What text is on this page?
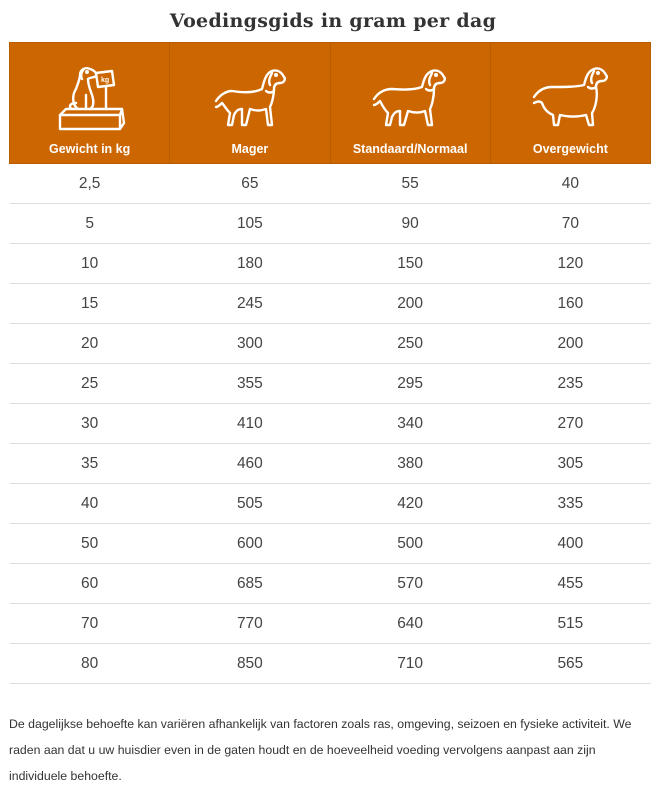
Voedingsgids in gram per dag
kg
Gewicht in kg	Mager	Standaard/Normaal	Overgewicht

2,5	65	55	40
5	105	90	70
10	180	150	120
15	245	200	160
20	300	250	200
25	355	295	235
30	410	340	270
35	460	380	305
40	505	420	335
50	600	500	400
60	685	570	455
70	770	640	515
80	850	710	565
De dagelijkse behoefte kan variëren afhankelijk van factoren zoals ras, omgeving, seizoen en fysieke activiteit. We raden aan dat u uw huisdier even in de gaten houdt en de hoeveelheid voeding vervolgens aanpast aan zijn individuele behoefte.
